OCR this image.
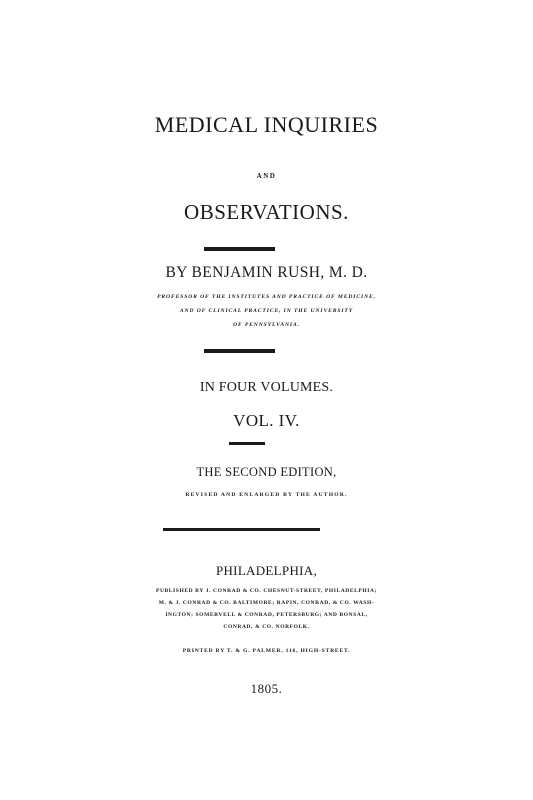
MEDICAL INQUIRIES
AND
OBSERVATIONS.
BY BENJAMIN RUSH, M. D.
PROFESSOR OF THE INSTITUTES AND PRACTICE OF MEDICINE,
AND OF CLINICAL PRACTICE, IN THE UNIVERSITY
OF PENNSYLVANIA.
IN FOUR VOLUMES.
VOL. IV.
THE SECOND EDITION,
REVISED AND ENLARGED BY THE AUTHOR.
PHILADELPHIA,
PUBLISHED BY J. CONRAD & CO. CHESNUT-STREET, PHILADELPHIA;
M. & J. CONRAD & CO. BALTIMORE; RAPIN, CONRAD, & CO. WASH-
INGTON; SOMERVELL & CONRAD, PETERSBURG; AND BONSAL,
CONRAD, & CO. NORFOLK.
PRINTED BY T. & G. PALMER, 116, HIGH-STREET.
1805.
